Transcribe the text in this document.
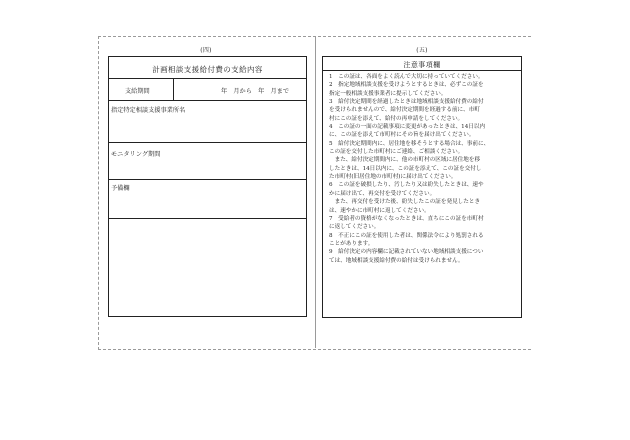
(四)
計画相談支援給付費の支給内容
支給期間	年　月から　年　月まで
指定特定相談支援事業所名
モニタリング期間
予備欄
(五)
注意事項欄
1　この証は、各面をよく読んで大切に持っていてください。
2　指定地域相談支援を受けようとするときは、必ずこの証を
指定一般相談支援事業者に提示してください。
3　給付決定期間を経過したときは地域相談支援給付費の給付
を受けられませんので、給付決定期間を経過する前に、市町
村にこの証を添えて、給付の再申請をしてください。
4　この証の一面の記載事項に変更があったときは、14日以内
に、この証を添えて市町村にその旨を届け出てください。
5　給付決定期間内に、居住地を移そうとする場合は、事前に、
この証を交付した市町村にご連絡、ご相談ください。
　また、給付決定期間内に、他の市町村の区域に居住地を移
したときは、14日以内に、この証を添えて、この証を交付し
た市町村(旧居住地の市町村)に届け出てください。
6　この証を破損したり、汚したり又は紛失したときは、速や
かに届け出て、再交付を受けてください。
　また、再交付を受けた後、紛失したこの証を発見したとき
は、速やかに市町村に返してください。
7　受給者の資格がなくなったときは、直ちにこの証を市町村
に返してください。
8　不正にこの証を使用した者は、関係法令により処罰される
ことがあります。
9　給付決定の内容欄に記載されていない地域相談支援につい
ては、地域相談支援給付費の給付は受けられません。
